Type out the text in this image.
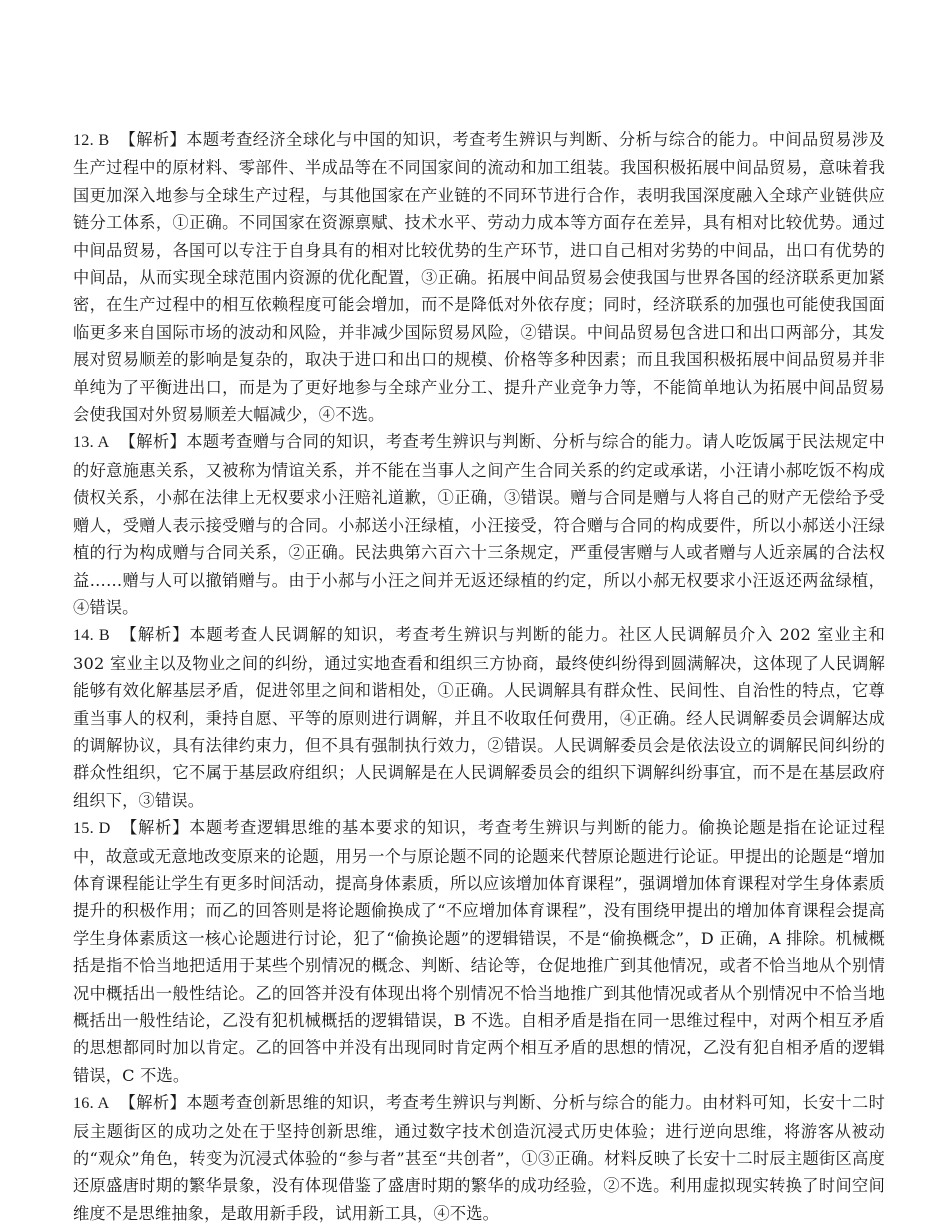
12. B 【解析】本题考查经济全球化与中国的知识，考查考生辨识与判断、分析与综合的能力。中间品贸易涉及生产过程中的原材料、零部件、半成品等在不同国家间的流动和加工组装。我国积极拓展中间品贸易，意味着我国更加深入地参与全球生产过程，与其他国家在产业链的不同环节进行合作，表明我国深度融入全球产业链供应链分工体系，①正确。不同国家在资源禀赋、技术水平、劳动力成本等方面存在差异，具有相对比较优势。通过中间品贸易，各国可以专注于自身具有的相对比较优势的生产环节，进口自己相对劣势的中间品，出口有优势的中间品，从而实现全球范围内资源的优化配置，③正确。拓展中间品贸易会使我国与世界各国的经济联系更加紧密，在生产过程中的相互依赖程度可能会增加，而不是降低对外依存度；同时，经济联系的加强也可能使我国面临更多来自国际市场的波动和风险，并非减少国际贸易风险，②错误。中间品贸易包含进口和出口两部分，其发展对贸易顺差的影响是复杂的，取决于进口和出口的规模、价格等多种因素；而且我国积极拓展中间品贸易并非单纯为了平衡进出口，而是为了更好地参与全球产业分工、提升产业竞争力等，不能简单地认为拓展中间品贸易会使我国对外贸易顺差大幅减少，④不选。

13. A 【解析】本题考查赠与合同的知识，考查考生辨识与判断、分析与综合的能力。请人吃饭属于民法规定中的好意施惠关系，又被称为情谊关系，并不能在当事人之间产生合同关系的约定或承诺，小汪请小郝吃饭不构成债权关系，小郝在法律上无权要求小汪赔礼道歉，①正确，③错误。赠与合同是赠与人将自己的财产无偿给予受赠人，受赠人表示接受赠与的合同。小郝送小汪绿植，小汪接受，符合赠与合同的构成要件，所以小郝送小汪绿植的行为构成赠与合同关系，②正确。民法典第六百六十三条规定，严重侵害赠与人或者赠与人近亲属的合法权益……赠与人可以撤销赠与。由于小郝与小汪之间并无返还绿植的约定，所以小郝无权要求小汪返还两盆绿植，④错误。

14. B 【解析】本题考查人民调解的知识，考查考生辨识与判断的能力。社区人民调解员介入 202 室业主和 302 室业主以及物业之间的纠纷，通过实地查看和组织三方协商，最终使纠纷得到圆满解决，这体现了人民调解能够有效化解基层矛盾，促进邻里之间和谐相处，①正确。人民调解具有群众性、民间性、自治性的特点，它尊重当事人的权利，秉持自愿、平等的原则进行调解，并且不收取任何费用，④正确。经人民调解委员会调解达成的调解协议，具有法律约束力，但不具有强制执行效力，②错误。人民调解委员会是依法设立的调解民间纠纷的群众性组织，它不属于基层政府组织；人民调解是在人民调解委员会的组织下调解纠纷事宜，而不是在基层政府组织下，③错误。

15. D 【解析】本题考查逻辑思维的基本要求的知识，考查考生辨识与判断的能力。偷换论题是指在论证过程中，故意或无意地改变原来的论题，用另一个与原论题不同的论题来代替原论题进行论证。甲提出的论题是“增加体育课程能让学生有更多时间活动，提高身体素质，所以应该增加体育课程”，强调增加体育课程对学生身体素质提升的积极作用；而乙的回答则是将论题偷换成了“不应增加体育课程”，没有围绕甲提出的增加体育课程会提高学生身体素质这一核心论题进行讨论，犯了“偷换论题”的逻辑错误，不是“偷换概念”，D 正确，A 排除。机械概括是指不恰当地把适用于某些个别情况的概念、判断、结论等，仓促地推广到其他情况，或者不恰当地从个别情况中概括出一般性结论。乙的回答并没有体现出将个别情况不恰当地推广到其他情况或者从个别情况中不恰当地概括出一般性结论，乙没有犯机械概括的逻辑错误，B 不选。自相矛盾是指在同一思维过程中，对两个相互矛盾的思想都同时加以肯定。乙的回答中并没有出现同时肯定两个相互矛盾的思想的情况，乙没有犯自相矛盾的逻辑错误，C 不选。

16. A 【解析】本题考查创新思维的知识，考查考生辨识与判断、分析与综合的能力。由材料可知，长安十二时辰主题街区的成功之处在于坚持创新思维，通过数字技术创造沉浸式历史体验；进行逆向思维，将游客从被动的“观众”角色，转变为沉浸式体验的“参与者”甚至“共创者”，①③正确。材料反映了长安十二时辰主题街区高度还原盛唐时期的繁华景象，没有体现借鉴了盛唐时期的繁华的成功经验，②不选。利用虚拟现实转换了时间空间维度不是思维抽象，是敢用新手段，试用新工具，④不选。
